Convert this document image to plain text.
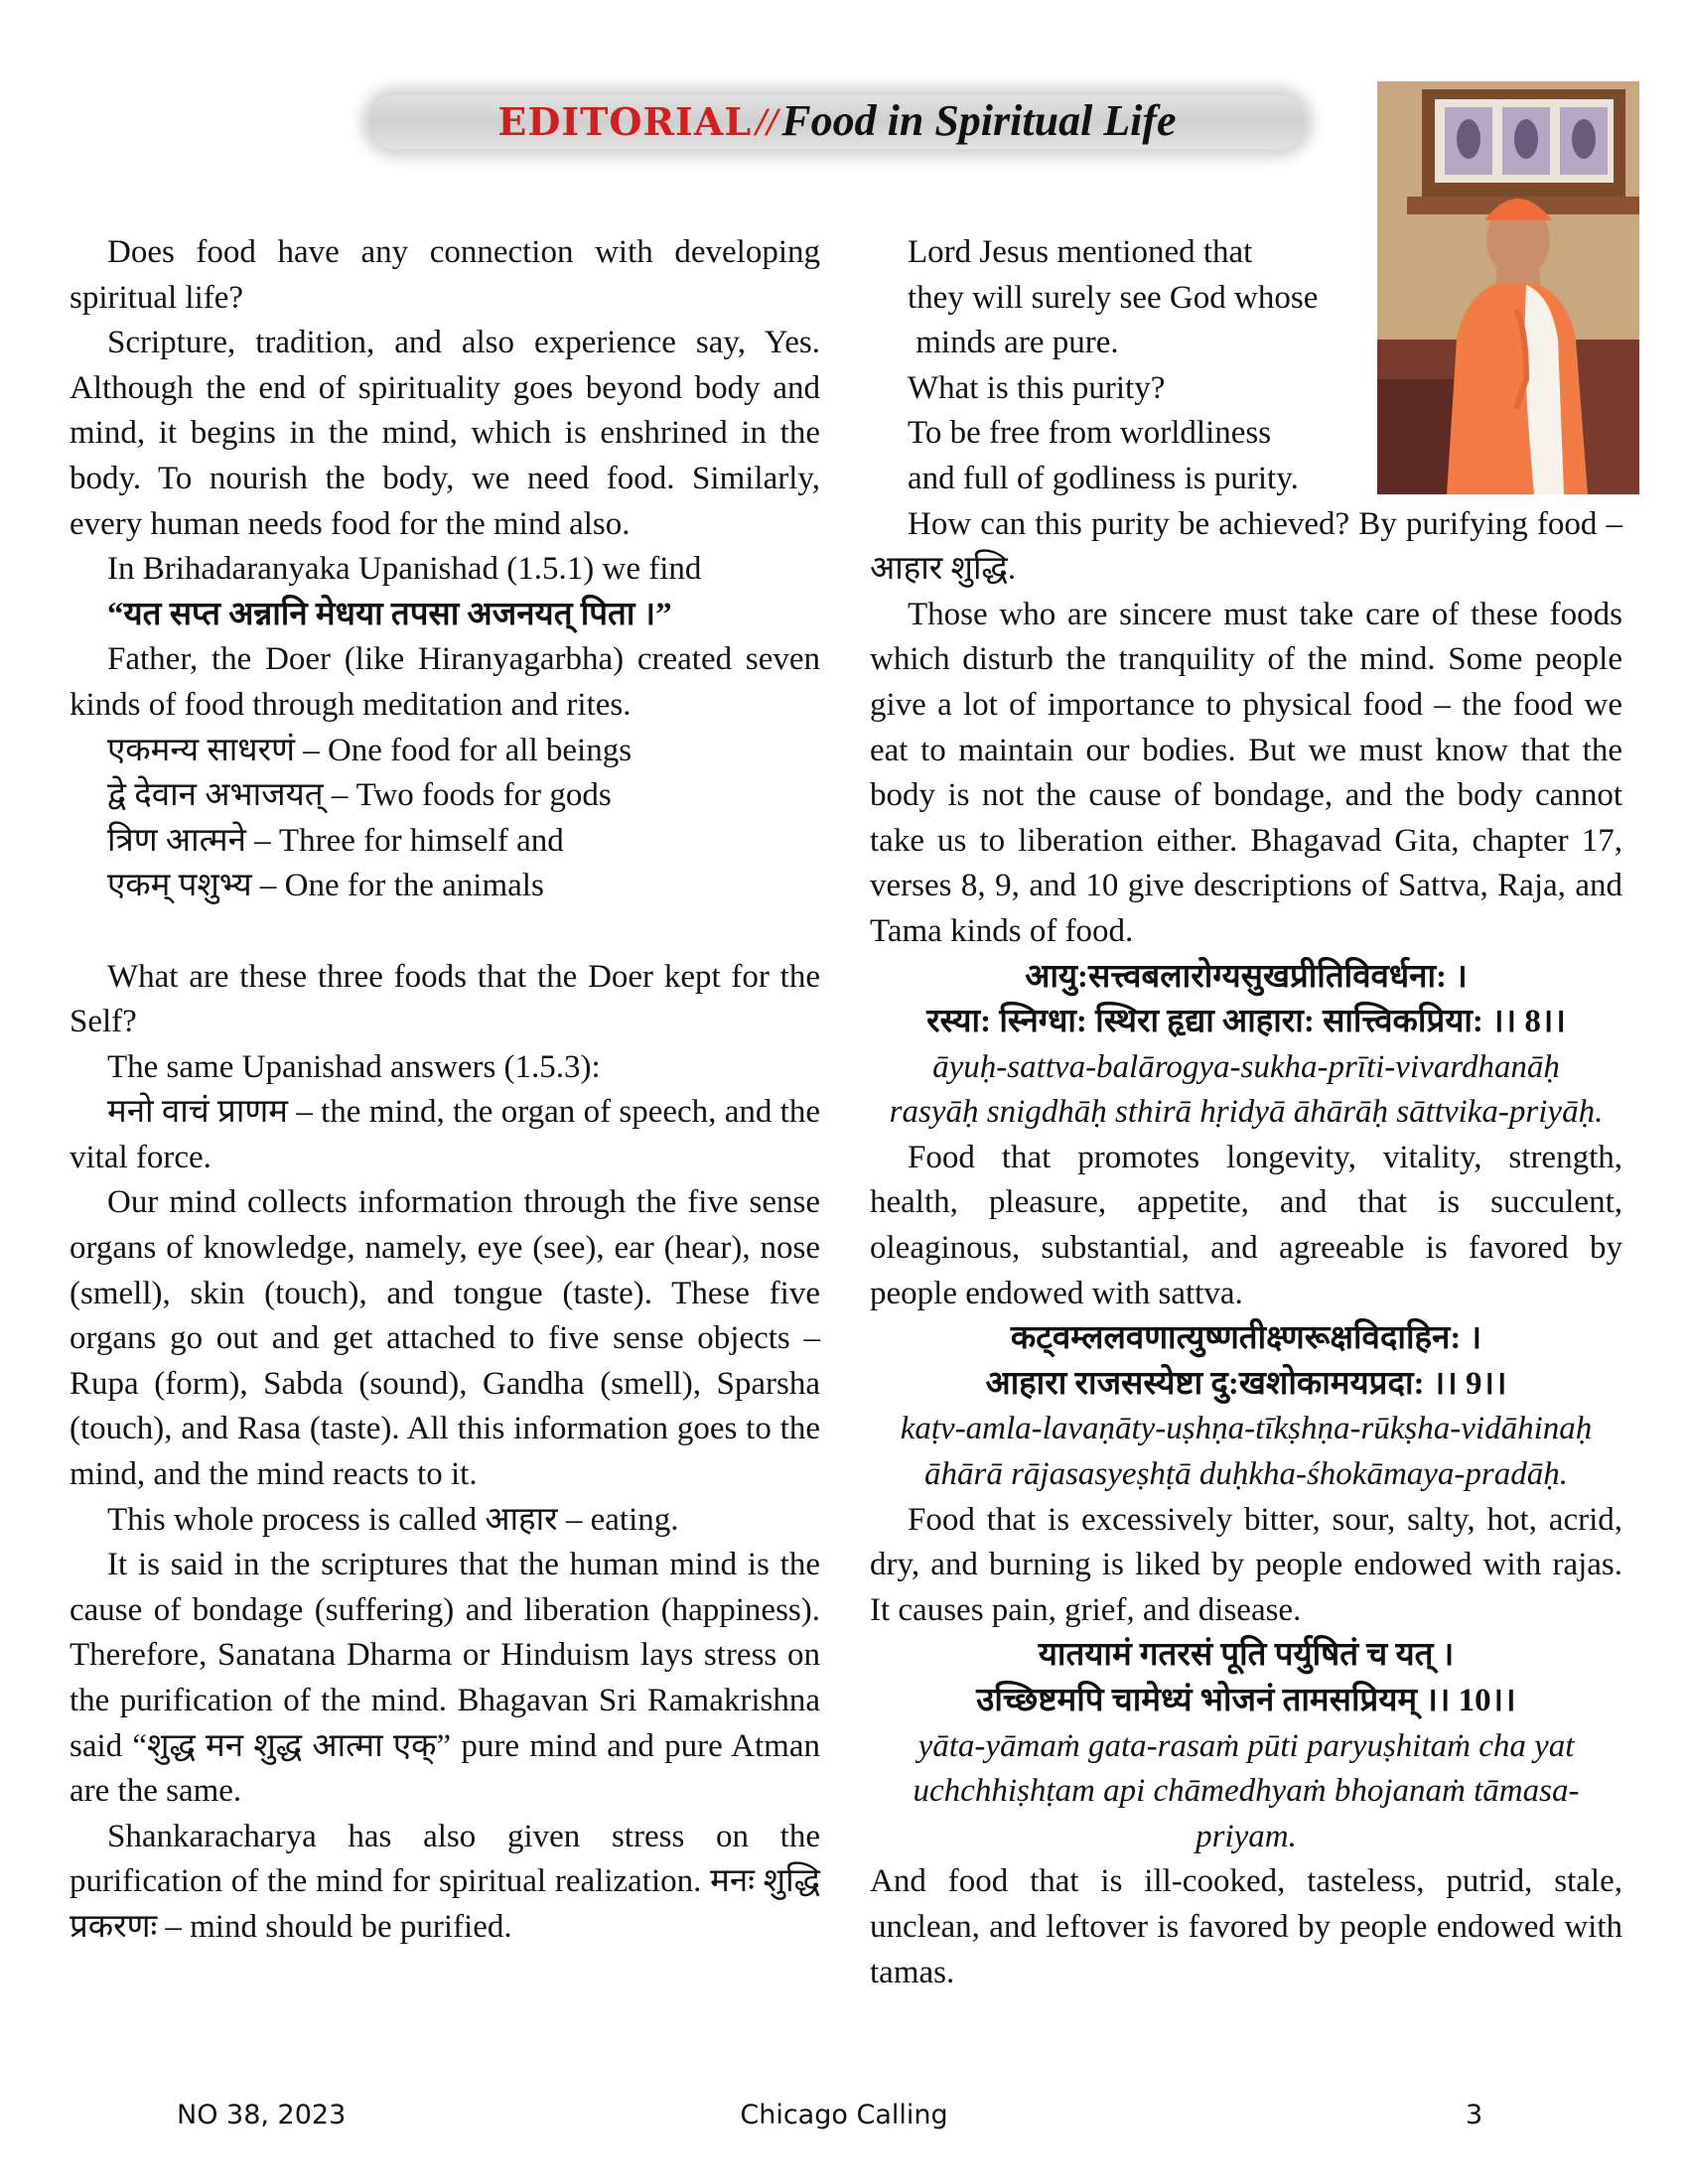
EDITORIAL // Food in Spiritual Life

Does food have any connection with developing spiritual life?

Scripture, tradition, and also experience say, Yes. Although the end of spirituality goes beyond body and mind, it begins in the mind, which is enshrined in the body. To nourish the body, we need food. Similarly, every human needs food for the mind also.

In Brihadaranyaka Upanishad (1.5.1) we find

“यत सप्त अन्नानि मेधया तपसा अजनयत् पिता ।”

Father, the Doer (like Hiranyagarbha) created seven kinds of food through meditation and rites.

एकमन्य साधरणं – One food for all beings

द्वे देवान अभाजयत् – Two foods for gods

त्रिण आत्मने – Three for himself and

एकम् पशुभ्य – One for the animals

What are these three foods that the Doer kept for the Self?

The same Upanishad answers (1.5.3):

मनो वाचं प्राणम – the mind, the organ of speech, and the vital force.

Our mind collects information through the five sense organs of knowledge, namely, eye (see), ear (hear), nose (smell), skin (touch), and tongue (taste). These five organs go out and get attached to five sense objects – Rupa (form), Sabda (sound), Gandha (smell), Sparsha (touch), and Rasa (taste). All this information goes to the mind, and the mind reacts to it.

This whole process is called आहार – eating.

It is said in the scriptures that the human mind is the cause of bondage (suffering) and liberation (happiness). Therefore, Sanatana Dharma or Hinduism lays stress on the purification of the mind. Bhagavan Sri Ramakrishna said “शुद्ध मन शुद्ध आत्मा एक्” pure mind and pure Atman are the same.

Shankaracharya has also given stress on the purification of the mind for spiritual realization. मनः शुद्धि प्रकरणः – mind should be purified.

Lord Jesus mentioned that

they will surely see God whose

minds are pure.

What is this purity?

To be free from worldliness

and full of godliness is purity.

How can this purity be achieved? By purifying food – आहार शुद्धि.

Those who are sincere must take care of these foods which disturb the tranquility of the mind. Some people give a lot of importance to physical food – the food we eat to maintain our bodies. But we must know that the body is not the cause of bondage, and the body cannot take us to liberation either. Bhagavad Gita, chapter 17, verses 8, 9, and 10 give descriptions of Sattva, Raja, and Tama kinds of food.

आयु:सत्त्वबलारोग्यसुखप्रीतिविवर्धना: ।

रस्या: स्निग्धा: स्थिरा हृद्या आहारा: सात्त्विकप्रिया: ।। 8।।

āyuḥ-sattva-balārogya-sukha-prīti-vivardhanāḥ

rasyāḥ snigdhāḥ sthirā hṛidyā āhārāḥ sāttvika-priyāḥ.

Food that promotes longevity, vitality, strength, health, pleasure, appetite, and that is succulent, oleaginous, substantial, and agreeable is favored by people endowed with sattva.

कट्वम्ललवणात्युष्णतीक्ष्णरूक्षविदाहिन: ।

आहारा राजसस्येष्टा दु:खशोकामयप्रदा: ।। 9।।

kaṭv-amla-lavaṇāty-uṣhṇa-tīkṣhṇa-rūkṣha-vidāhinaḥ

āhārā rājasasyeṣhṭā duḥkha-śhokāmaya-pradāḥ.

Food that is excessively bitter, sour, salty, hot, acrid, dry, and burning is liked by people endowed with rajas. It causes pain, grief, and disease.

यातयामं गतरसं पूति पर्युषितं च यत् ।

उच्छिष्टमपि चामेध्यं भोजनं तामसप्रियम् ।। 10।।

yāta-yāmaṁ gata-rasaṁ pūti paryuṣhitaṁ cha yat

uchchhiṣhṭam api chāmedhyaṁ bhojanaṁ tāmasa-

priyam.

And food that is ill-cooked, tasteless, putrid, stale, unclean, and leftover is favored by people endowed with tamas.

NO 38, 2023	Chicago Calling	3
